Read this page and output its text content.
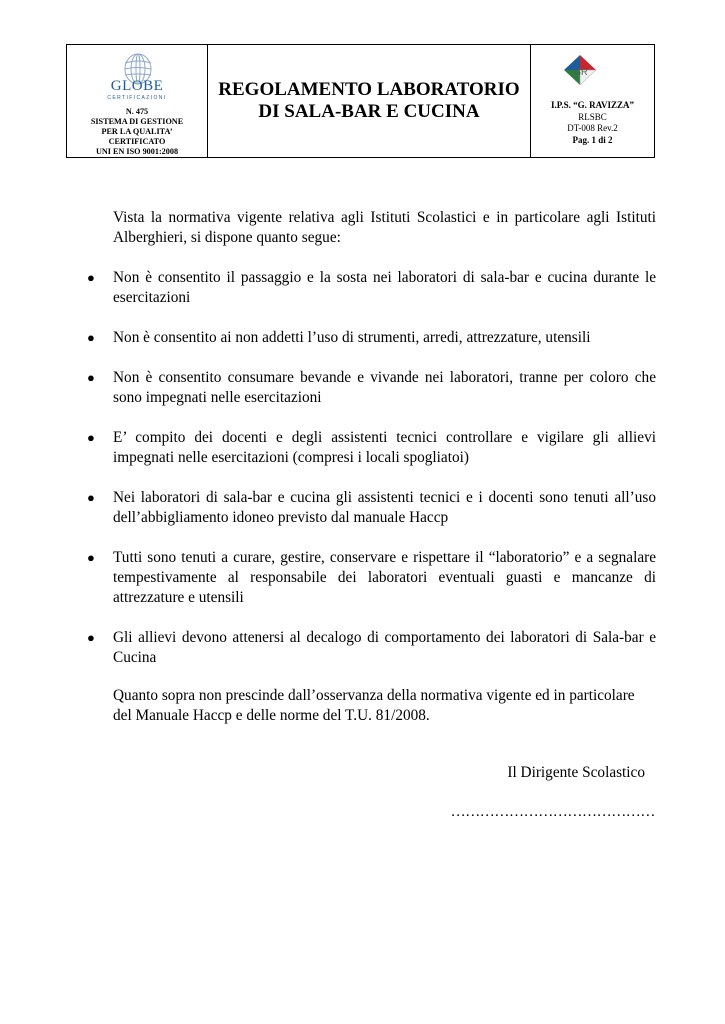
GLOBE
CERTIFICAZIONI
N. 475
SISTEMA DI GESTIONE
PER LA QUALITA’
CERTIFICATO
UNI EN ISO 9001:2008
REGOLAMENTO LABORATORIO
DI SALA-BAR E CUCINA
GR
I.P.S. “G. RAVIZZA”
RLSBC
DT-008 Rev.2
Pag. 1 di 2
Vista la normativa vigente relativa agli Istituti Scolastici e in particolare agli Istituti Alberghieri, si dispone quanto segue:
● Non è consentito il passaggio e la sosta nei laboratori di sala-bar e cucina durante le esercitazioni
● Non è consentito ai non addetti l’uso di strumenti, arredi, attrezzature, utensili
● Non è consentito consumare bevande e vivande nei laboratori, tranne per coloro che sono impegnati nelle esercitazioni
● E’ compito dei docenti e degli assistenti tecnici controllare e vigilare gli allievi impegnati nelle esercitazioni (compresi i locali spogliatoi)
● Nei laboratori di sala-bar e cucina gli assistenti tecnici e i docenti sono tenuti all’uso dell’abbigliamento idoneo previsto dal manuale Haccp
● Tutti sono tenuti a curare, gestire, conservare e rispettare il “laboratorio” e a segnalare tempestivamente al responsabile dei laboratori eventuali guasti e mancanze di attrezzature e utensili
● Gli allievi devono attenersi al decalogo di comportamento dei laboratori di Sala-bar e Cucina
Quanto sopra non prescinde dall’osservanza della normativa vigente ed in particolare del Manuale Haccp e delle norme del T.U. 81/2008.
Il Dirigente Scolastico
……………………………………
